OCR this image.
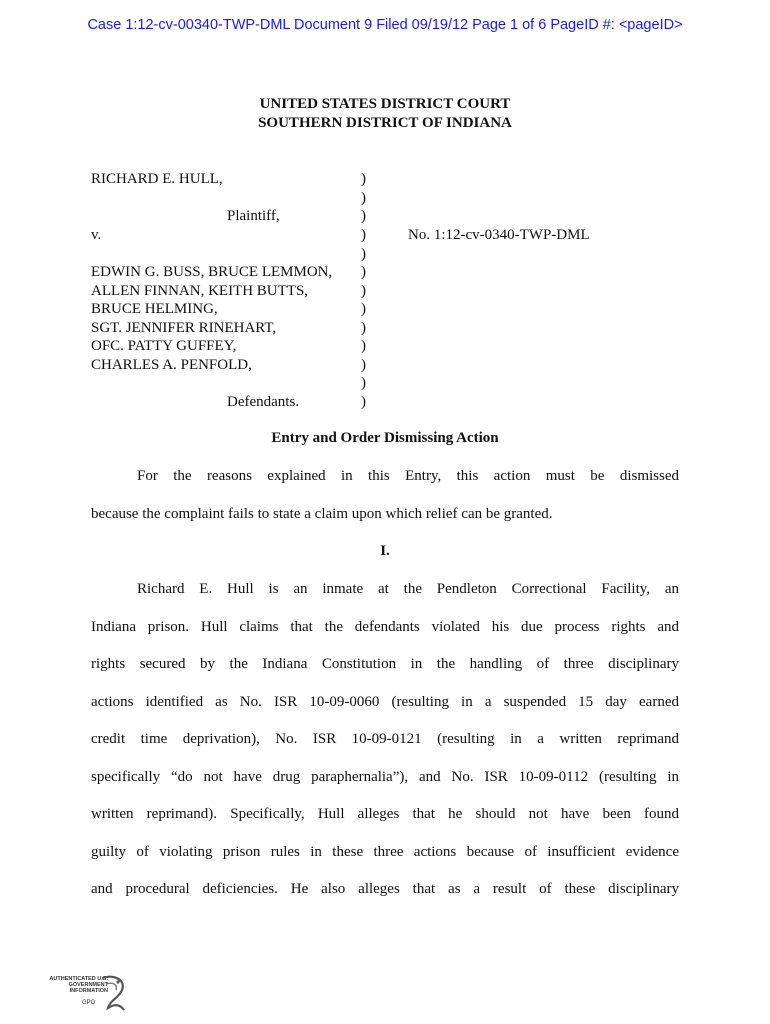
Case 1:12-cv-00340-TWP-DML Document 9 Filed 09/19/12 Page 1 of 6 PageID #: <pageID>
UNITED STATES DISTRICT COURT
SOUTHERN DISTRICT OF INDIANA
RICHARD E. HULL,	)
)
Plaintiff,	)
v.	)	No. 1:12-cv-0340-TWP-DML
)
EDWIN G. BUSS, BRUCE LEMMON, )
ALLEN FINNAN, KEITH BUTTS,	)
BRUCE HELMING,	)
SGT. JENNIFER RINEHART,	)
OFC. PATTY GUFFEY,	)
CHARLES A. PENFOLD,	)
)
Defendants.	)
Entry and Order Dismissing Action
For the reasons explained in this Entry, this action must be dismissed
because the complaint fails to state a claim upon which relief can be granted.
I.
Richard E. Hull is an inmate at the Pendleton Correctional Facility, an
Indiana prison. Hull claims that the defendants violated his due process rights and
rights secured by the Indiana Constitution in the handling of three disciplinary
actions identified as No. ISR 10-09-0060 (resulting in a suspended 15 day earned
credit time deprivation), No. ISR 10-09-0121 (resulting in a written reprimand
specifically “do not have drug paraphernalia”), and No. ISR 10-09-0112 (resulting in
written reprimand). Specifically, Hull alleges that he should not have been found
guilty of violating prison rules in these three actions because of insufficient evidence
and procedural deficiencies. He also alleges that as a result of these disciplinary
AUTHENTICATED U.S. GOVERNMENT INFORMATION
GPO
